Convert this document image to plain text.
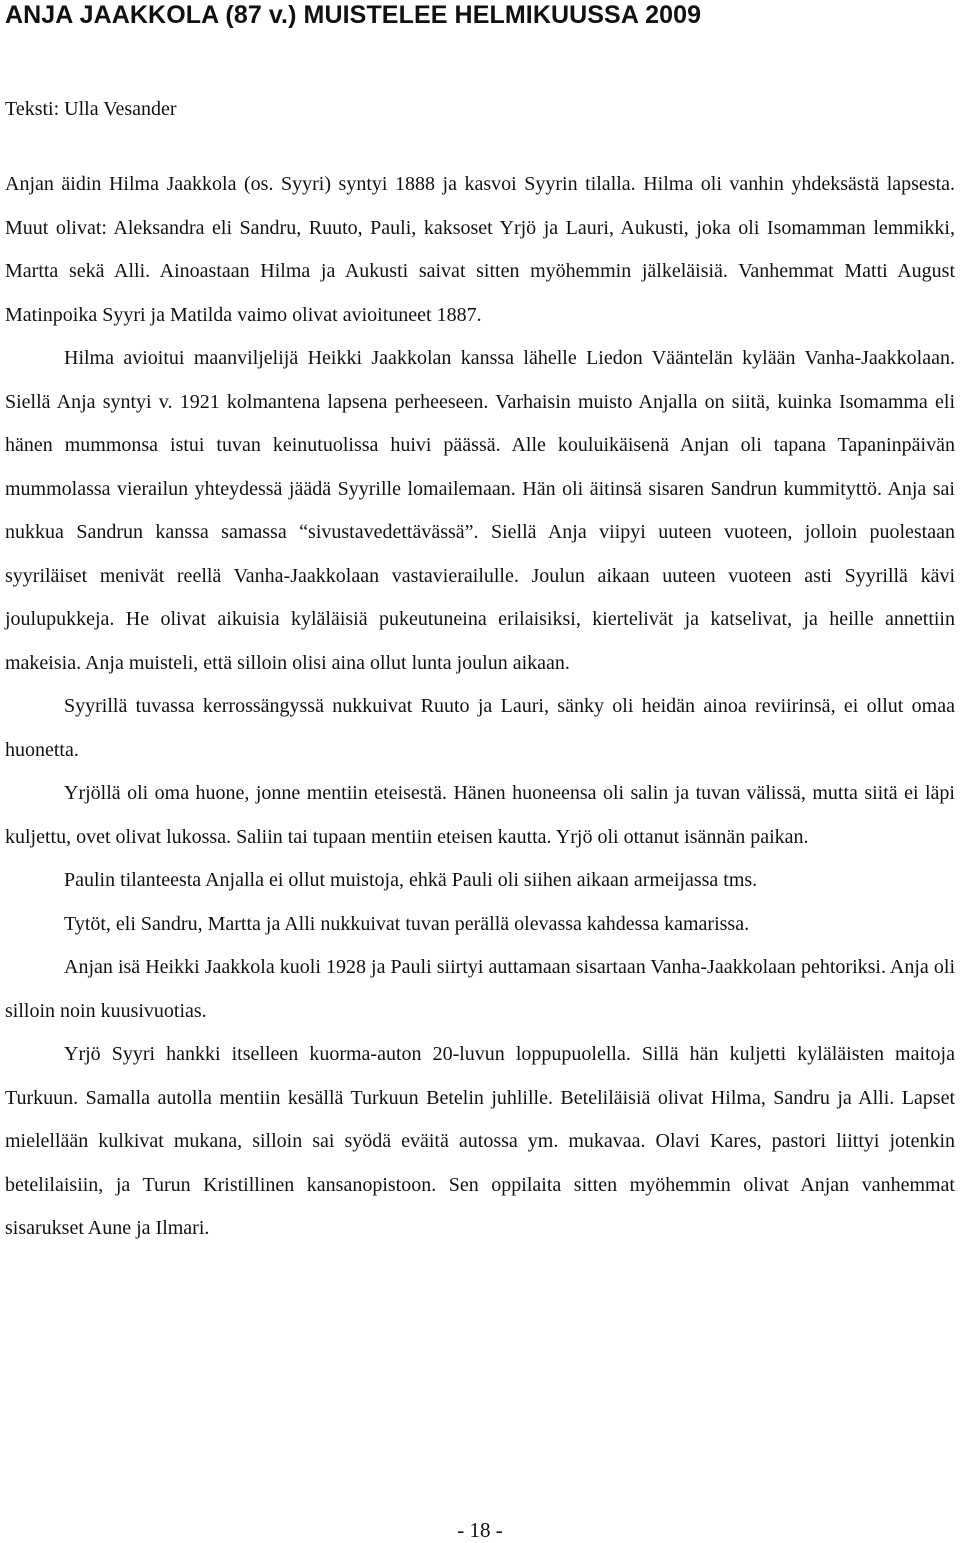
ANJA JAAKKOLA (87 v.) MUISTELEE HELMIKUUSSA 2009

Teksti: Ulla Vesander

Anjan äidin Hilma Jaakkola (os. Syyri) syntyi 1888 ja kasvoi Syyrin tilalla. Hilma oli vanhin yhdeksästä lapsesta. Muut olivat: Aleksandra eli Sandru, Ruuto, Pauli, kaksoset Yrjö ja Lauri, Aukusti, joka oli Isomamman lemmikki, Martta sekä Alli. Ainoastaan Hilma ja Aukusti saivat sitten myöhemmin jälkeläisiä. Vanhemmat Matti August Matinpoika Syyri ja Matilda vaimo olivat avioituneet 1887.

Hilma avioitui maanviljelijä Heikki Jaakkolan kanssa lähelle Liedon Vääntelän kylään Vanha-Jaakkolaan. Siellä Anja syntyi v. 1921 kolmantena lapsena perheeseen. Varhaisin muisto Anjalla on siitä, kuinka Isomamma eli hänen mummonsa istui tuvan keinutuolissa huivi päässä. Alle kouluikäisenä Anjan oli tapana Tapaninpäivän mummolassa vierailun yhteydessä jäädä Syyrille lomailemaan. Hän oli äitinsä sisaren Sandrun kummityttö. Anja sai nukkua Sandrun kanssa samassa “sivustavedettävässä”. Siellä Anja viipyi uuteen vuoteen, jolloin puolestaan syyriläiset menivät reellä Vanha-Jaakkolaan vastavierailulle. Joulun aikaan uuteen vuoteen asti Syyrillä kävi joulupukkeja. He olivat aikuisia kyläläisiä pukeutuneina erilaisiksi, kiertelivät ja katselivat, ja heille annettiin makeisia. Anja muisteli, että silloin olisi aina ollut lunta joulun aikaan.

Syyrillä tuvassa kerrossängyssä nukkuivat Ruuto ja Lauri, sänky oli heidän ainoa reviirinsä, ei ollut omaa huonetta.

Yrjöllä oli oma huone, jonne mentiin eteisestä. Hänen huoneensa oli salin ja tuvan välissä, mutta siitä ei läpi kuljettu, ovet olivat lukossa. Saliin tai tupaan mentiin eteisen kautta. Yrjö oli ottanut isännän paikan.

Paulin tilanteesta Anjalla ei ollut muistoja, ehkä Pauli oli siihen aikaan armeijassa tms.

Tytöt, eli Sandru, Martta ja Alli nukkuivat tuvan perällä olevassa kahdessa kamarissa.

Anjan isä Heikki Jaakkola kuoli 1928 ja Pauli siirtyi auttamaan sisartaan Vanha-Jaakkolaan pehtoriksi. Anja oli silloin noin kuusivuotias.

Yrjö Syyri hankki itselleen kuorma-auton 20-luvun loppupuolella. Sillä hän kuljetti kyläläisten maitoja Turkuun. Samalla autolla mentiin kesällä Turkuun Betelin juhlille. Beteliläisiä olivat Hilma, Sandru ja Alli. Lapset mielellään kulkivat mukana, silloin sai syödä eväitä autossa ym. mukavaa. Olavi Kares, pastori liittyi jotenkin betelilaisiin, ja Turun Kristillinen kansanopistoon. Sen oppilaita sitten myöhemmin olivat Anjan vanhemmat sisarukset Aune ja Ilmari.

- 18 -
